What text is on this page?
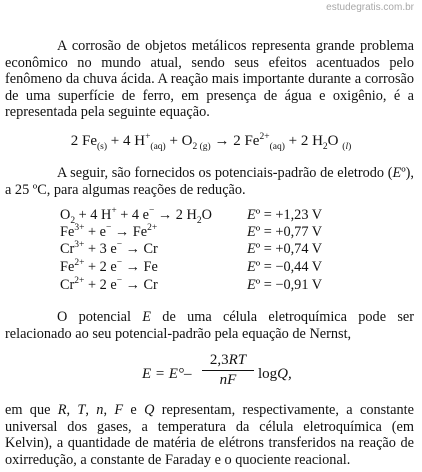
estudegratis.com.br
A corrosão de objetos metálicos representa grande problema econômico no mundo atual, sendo seus efeitos acentuados pelo fenômeno da chuva ácida. A reação mais importante durante a corrosão de uma superfície de ferro, em presença de água e oxigênio, é a representada pela seguinte equação.
2 $Fe_{(s)} + 4$ $H^+_{(aq)} + O_{2 (g)} \to 2$ $Fe^{2+}_{(aq)} + 2$ $H_2O$ $_{(l)}$
A seguir, são fornecidos os potenciais-padrão de eletrodo (Eº), a 25 ºC, para algumas reações de redução.
$O_2 + 4$ H+ + 4 e− → 2 $H_2O$ Eº = +1,23 V
$Fe^{3+} + e^- \to Fe^{2+}$	Eº = +0,77 V
$Cr^{3+} + 3$ e− → Cr	Eº = +0,74 V
$Fe^{2+} + 2$ e− → Fe	Eº = −0,44 V
$Cr^{2+} + 2$ e− → Cr	Eº = −0,91 V
O potencial E de uma célula eletroquímica pode ser relacionado ao seu potencial-padrão pela equação de Nernst,
E = E°–
2,3RT
nF	logQ,
em que R, T, n, F e Q representam, respectivamente, a constante universal dos gases, a temperatura da célula eletroquímica (em Kelvin), a quantidade de matéria de elétrons transferidos na reação de oxirredução, a constante de Faraday e o quociente reacional.
